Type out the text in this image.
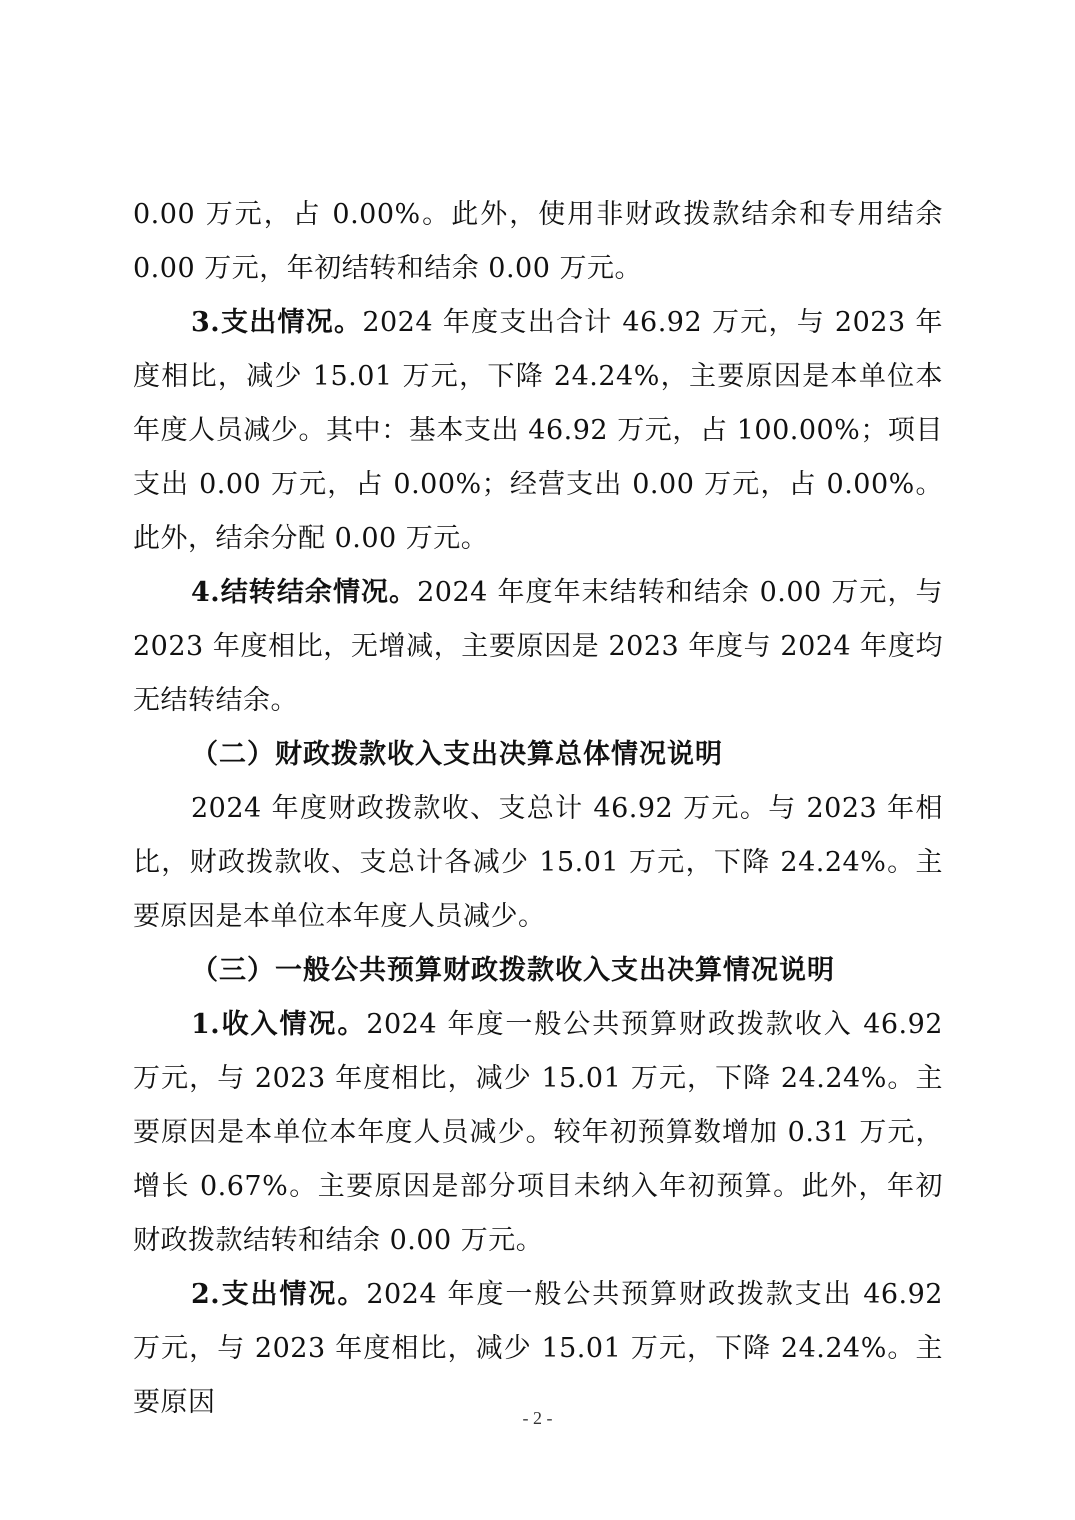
0.00 万元，占 0.00%。此外，使用非财政拨款结余和专用结余 0.00 万元，年初结转和结余 0.00 万元。

3.支出情况。2024 年度支出合计 46.92 万元，与 2023 年度相比，减少 15.01 万元，下降 24.24%，主要原因是本单位本年度人员减少。其中：基本支出 46.92 万元，占 100.00%；项目支出 0.00 万元，占 0.00%；经营支出 0.00 万元，占 0.00%。此外，结余分配 0.00 万元。

4.结转结余情况。2024 年度年末结转和结余 0.00 万元，与 2023 年度相比，无增减，主要原因是 2023 年度与 2024 年度均无结转结余。

（二）财政拨款收入支出决算总体情况说明

2024 年度财政拨款收、支总计 46.92 万元。与 2023 年相比，财政拨款收、支总计各减少 15.01 万元，下降 24.24%。主要原因是本单位本年度人员减少。

（三）一般公共预算财政拨款收入支出决算情况说明

1.收入情况。2024 年度一般公共预算财政拨款收入 46.92 万元，与 2023 年度相比，减少 15.01 万元，下降 24.24%。主要原因是本单位本年度人员减少。较年初预算数增加 0.31 万元，增长 0.67%。主要原因是部分项目未纳入年初预算。此外，年初财政拨款结转和结余 0.00 万元。

2.支出情况。2024 年度一般公共预算财政拨款支出 46.92 万元，与 2023 年度相比，减少 15.01 万元，下降 24.24%。主要原因	- 2 -
